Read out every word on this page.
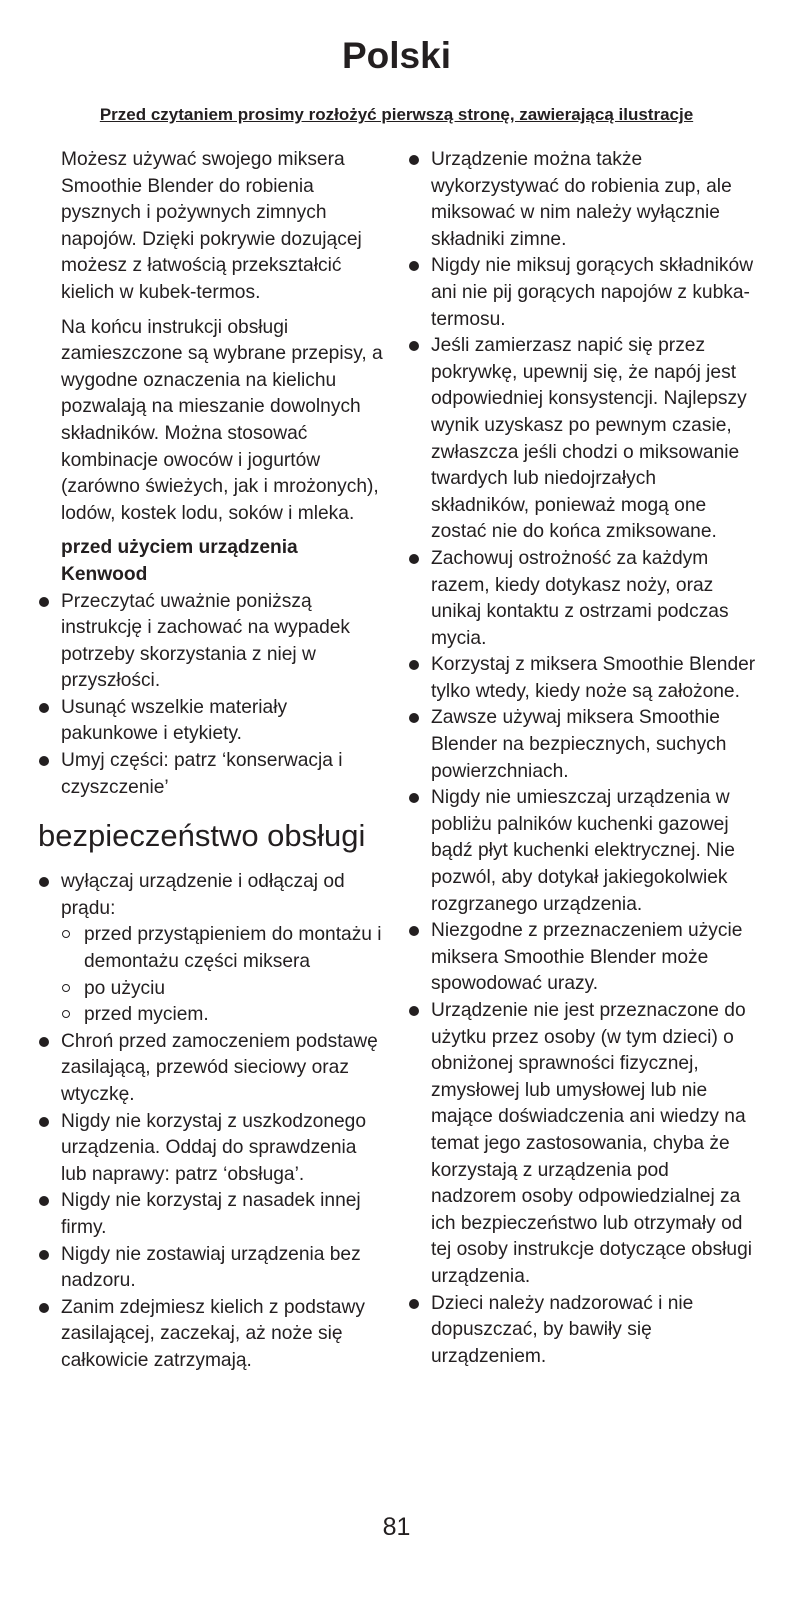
Polski
Przed czytaniem prosimy rozłożyć pierwszą stronę, zawierającą ilustracje

Możesz używać swojego miksera Smoothie Blender do robienia pysznych i pożywnych zimnych napojów. Dzięki pokrywie dozującej możesz z łatwością przekształcić kielich w kubek-termos.

Na końcu instrukcji obsługi zamieszczone są wybrane przepisy, a wygodne oznaczenia na kielichu pozwalają na mieszanie dowolnych składników. Można stosować kombinacje owoców i jogurtów (zarówno świeżych, jak i mrożonych), lodów, kostek lodu, soków i mleka.

przed użyciem urządzenia Kenwood

Przeczytać uważnie poniższą instrukcję i zachować na wypadek potrzeby skorzystania z niej w przyszłości.
Usunąć wszelkie materiały pakunkowe i etykiety.
Umyj części: patrz ‘konserwacja i czyszczenie’
bezpieczeństwo obsługi
wyłączaj urządzenie i odłączaj od prądu:
przed przystąpieniem do montażu i demontażu części miksera
po użyciu
przed myciem.
Chroń przed zamoczeniem podstawę zasilającą, przewód sieciowy oraz wtyczkę.
Nigdy nie korzystaj z uszkodzonego urządzenia. Oddaj do sprawdzenia lub naprawy: patrz ‘obsługa’.
Nigdy nie korzystaj z nasadek innej firmy.
Nigdy nie zostawiaj urządzenia bez nadzoru.
Zanim zdejmiesz kielich z podstawy zasilającej, zaczekaj, aż noże się całkowicie zatrzymają.
Urządzenie można także wykorzystywać do robienia zup, ale miksować w nim należy wyłącznie składniki zimne.
Nigdy nie miksuj gorących składników ani nie pij gorących napojów z kubka-termosu.
Jeśli zamierzasz napić się przez pokrywkę, upewnij się, że napój jest odpowiedniej konsystencji. Najlepszy wynik uzyskasz po pewnym czasie, zwłaszcza jeśli chodzi o miksowanie twardych lub niedojrzałych składników, ponieważ mogą one zostać nie do końca zmiksowane.
Zachowuj ostrożność za każdym razem, kiedy dotykasz noży, oraz unikaj kontaktu z ostrzami podczas mycia.
Korzystaj z miksera Smoothie Blender tylko wtedy, kiedy noże są założone.
Zawsze używaj miksera Smoothie Blender na bezpiecznych, suchych powierzchniach.
Nigdy nie umieszczaj urządzenia w pobliżu palników kuchenki gazowej bądź płyt kuchenki elektrycznej. Nie pozwól, aby dotykał jakiegokolwiek rozgrzanego urządzenia.
Niezgodne z przeznaczeniem użycie miksera Smoothie Blender może spowodować urazy.
Urządzenie nie jest przeznaczone do użytku przez osoby (w tym dzieci) o obniżonej sprawności fizycznej, zmysłowej lub umysłowej lub nie mające doświadczenia ani wiedzy na temat jego zastosowania, chyba że korzystają z urządzenia pod nadzorem osoby odpowiedzialnej za ich bezpieczeństwo lub otrzymały od tej osoby instrukcje dotyczące obsługi urządzenia.
Dzieci należy nadzorować i nie dopuszczać, by bawiły się urządzeniem.
81
